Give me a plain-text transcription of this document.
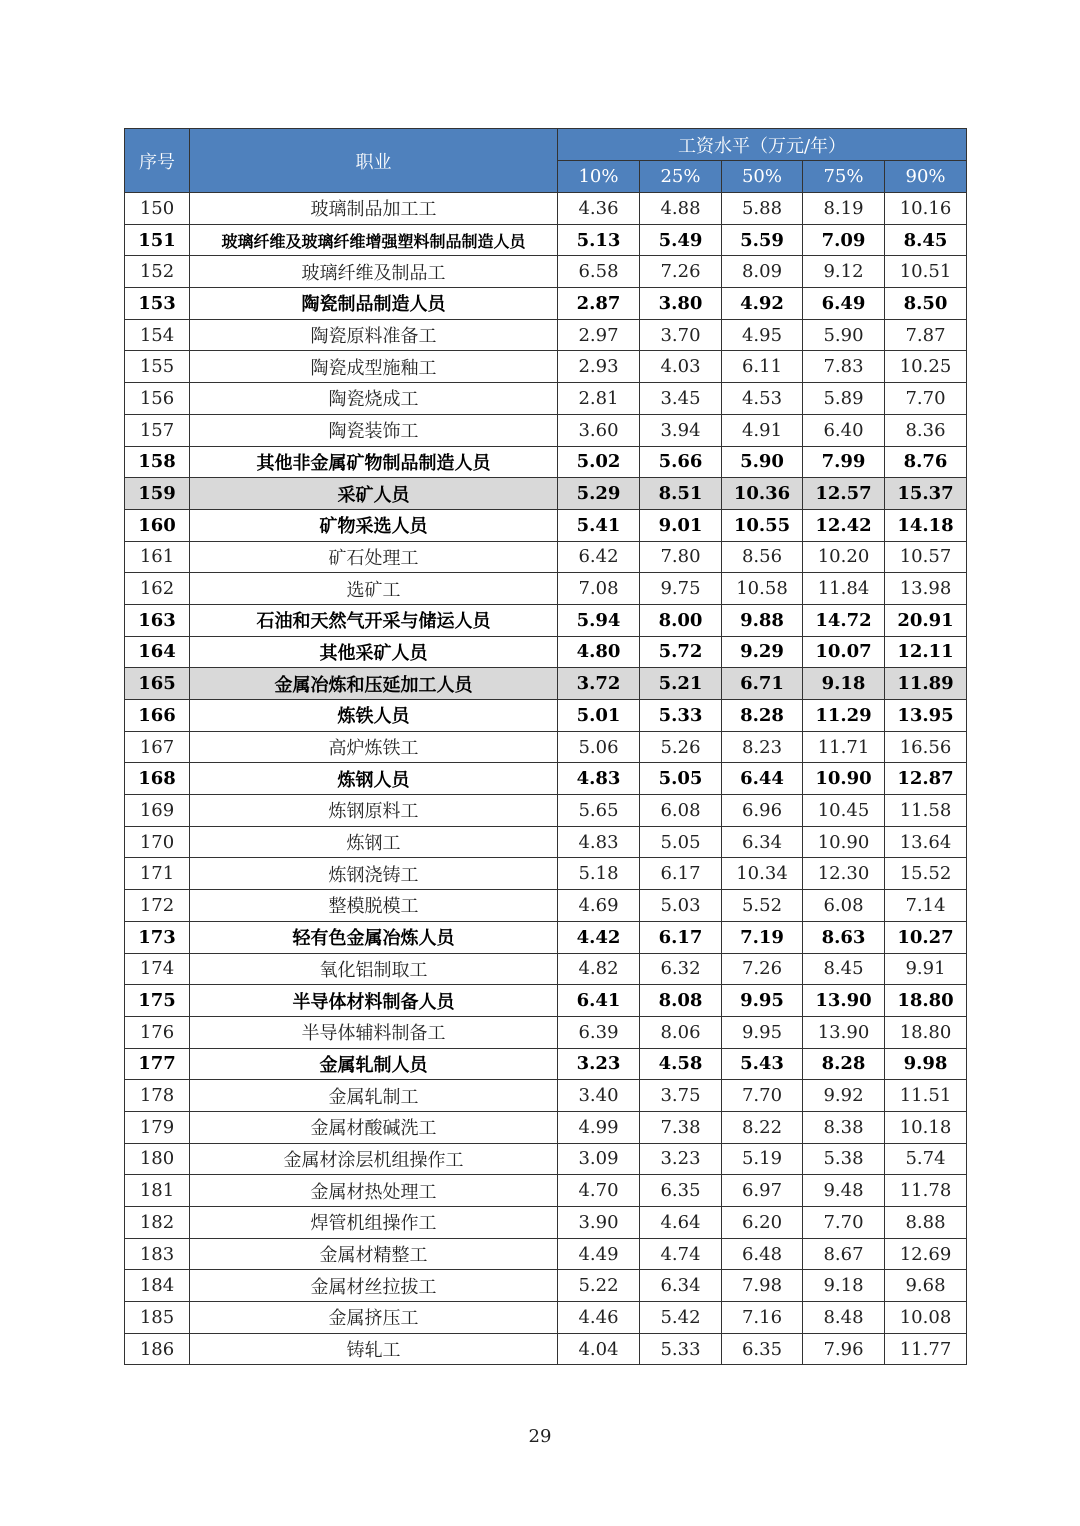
序号	职业	工资水平（万元/年）				
		10%	25%	50%	75%	90%
150	玻璃制品加工工	4.36	4.88	5.88	8.19	10.16
151	玻璃纤维及玻璃纤维增强塑料制品制造人员	5.13	5.49	5.59	7.09	8.45
152	玻璃纤维及制品工	6.58	7.26	8.09	9.12	10.51
153	陶瓷制品制造人员	2.87	3.80	4.92	6.49	8.50
154	陶瓷原料准备工	2.97	3.70	4.95	5.90	7.87
155	陶瓷成型施釉工	2.93	4.03	6.11	7.83	10.25
156	陶瓷烧成工	2.81	3.45	4.53	5.89	7.70
157	陶瓷装饰工	3.60	3.94	4.91	6.40	8.36
158	其他非金属矿物制品制造人员	5.02	5.66	5.90	7.99	8.76
159	采矿人员	5.29	8.51	10.36	12.57	15.37
160	矿物采选人员	5.41	9.01	10.55	12.42	14.18
161	矿石处理工	6.42	7.80	8.56	10.20	10.57
162	选矿工	7.08	9.75	10.58	11.84	13.98
163	石油和天然气开采与储运人员	5.94	8.00	9.88	14.72	20.91
164	其他采矿人员	4.80	5.72	9.29	10.07	12.11
165	金属冶炼和压延加工人员	3.72	5.21	6.71	9.18	11.89
166	炼铁人员	5.01	5.33	8.28	11.29	13.95
167	高炉炼铁工	5.06	5.26	8.23	11.71	16.56
168	炼钢人员	4.83	5.05	6.44	10.90	12.87
169	炼钢原料工	5.65	6.08	6.96	10.45	11.58
170	炼钢工	4.83	5.05	6.34	10.90	13.64
171	炼钢浇铸工	5.18	6.17	10.34	12.30	15.52
172	整模脱模工	4.69	5.03	5.52	6.08	7.14
173	轻有色金属冶炼人员	4.42	6.17	7.19	8.63	10.27
174	氧化铝制取工	4.82	6.32	7.26	8.45	9.91
175	半导体材料制备人员	6.41	8.08	9.95	13.90	18.80
176	半导体辅料制备工	6.39	8.06	9.95	13.90	18.80
177	金属轧制人员	3.23	4.58	5.43	8.28	9.98
178	金属轧制工	3.40	3.75	7.70	9.92	11.51
179	金属材酸碱洗工	4.99	7.38	8.22	8.38	10.18
180	金属材涂层机组操作工	3.09	3.23	5.19	5.38	5.74
181	金属材热处理工	4.70	6.35	6.97	9.48	11.78
182	焊管机组操作工	3.90	4.64	6.20	7.70	8.88
183	金属材精整工	4.49	4.74	6.48	8.67	12.69
184	金属材丝拉拔工	5.22	6.34	7.98	9.18	9.68
185	金属挤压工	4.46	5.42	7.16	8.48	10.08
186	铸轧工	4.04	5.33	6.35	7.96	11.77
29
